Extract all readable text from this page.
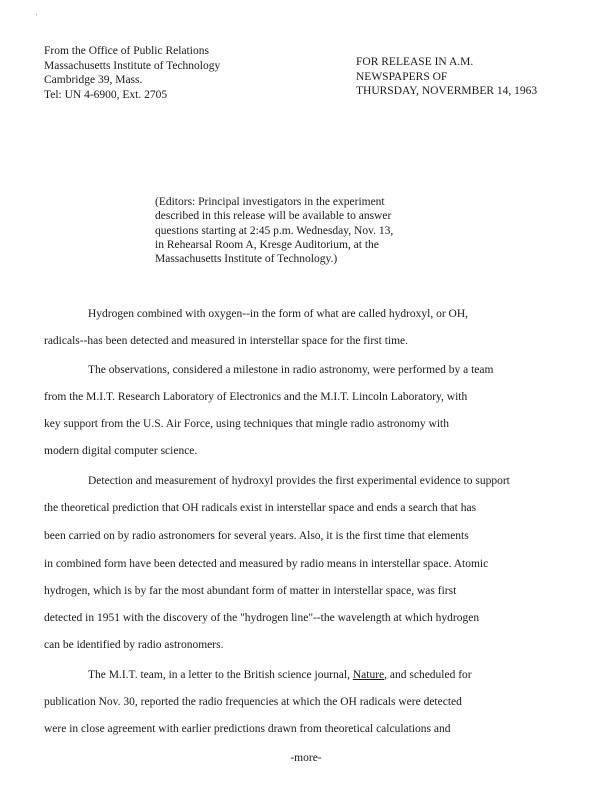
'
From the Office of Public Relations
Massachusetts Institute of Technology
Cambridge 39, Mass.
Tel: UN 4-6900, Ext. 2705
FOR RELEASE IN A.M.
NEWSPAPERS OF
THURSDAY, NOVERMBER 14, 1963
(Editors: Principal investigators in the experiment
described in this release will be available to answer
questions starting at 2:45 p.m. Wednesday, Nov. 13,
in Rehearsal Room A, Kresge Auditorium, at the
Massachusetts Institute of Technology.)
Hydrogen combined with oxygen--in the form of what are called hydroxyl, or OH,
radicals--has been detected and measured in interstellar space for the first time.
The observations, considered a milestone in radio astronomy, were performed by a team
from the M.I.T. Research Laboratory of Electronics and the M.I.T. Lincoln Laboratory, with
key support from the U.S. Air Force, using techniques that mingle radio astronomy with
modern digital computer science.
Detection and measurement of hydroxyl provides the first experimental evidence to support
the theoretical prediction that OH radicals exist in interstellar space and ends a search that has
been carried on by radio astronomers for several years. Also, it is the first time that elements
in combined form have been detected and measured by radio means in interstellar space. Atomic
hydrogen, which is by far the most abundant form of matter in interstellar space, was first
detected in 1951 with the discovery of the "hydrogen line"--the wavelength at which hydrogen
can be identified by radio astronomers.
The M.I.T. team, in a letter to the British science journal, Nature, and scheduled for
publication Nov. 30, reported the radio frequencies at which the OH radicals were detected
were in close agreement with earlier predictions drawn from theoretical calculations and
-more-
